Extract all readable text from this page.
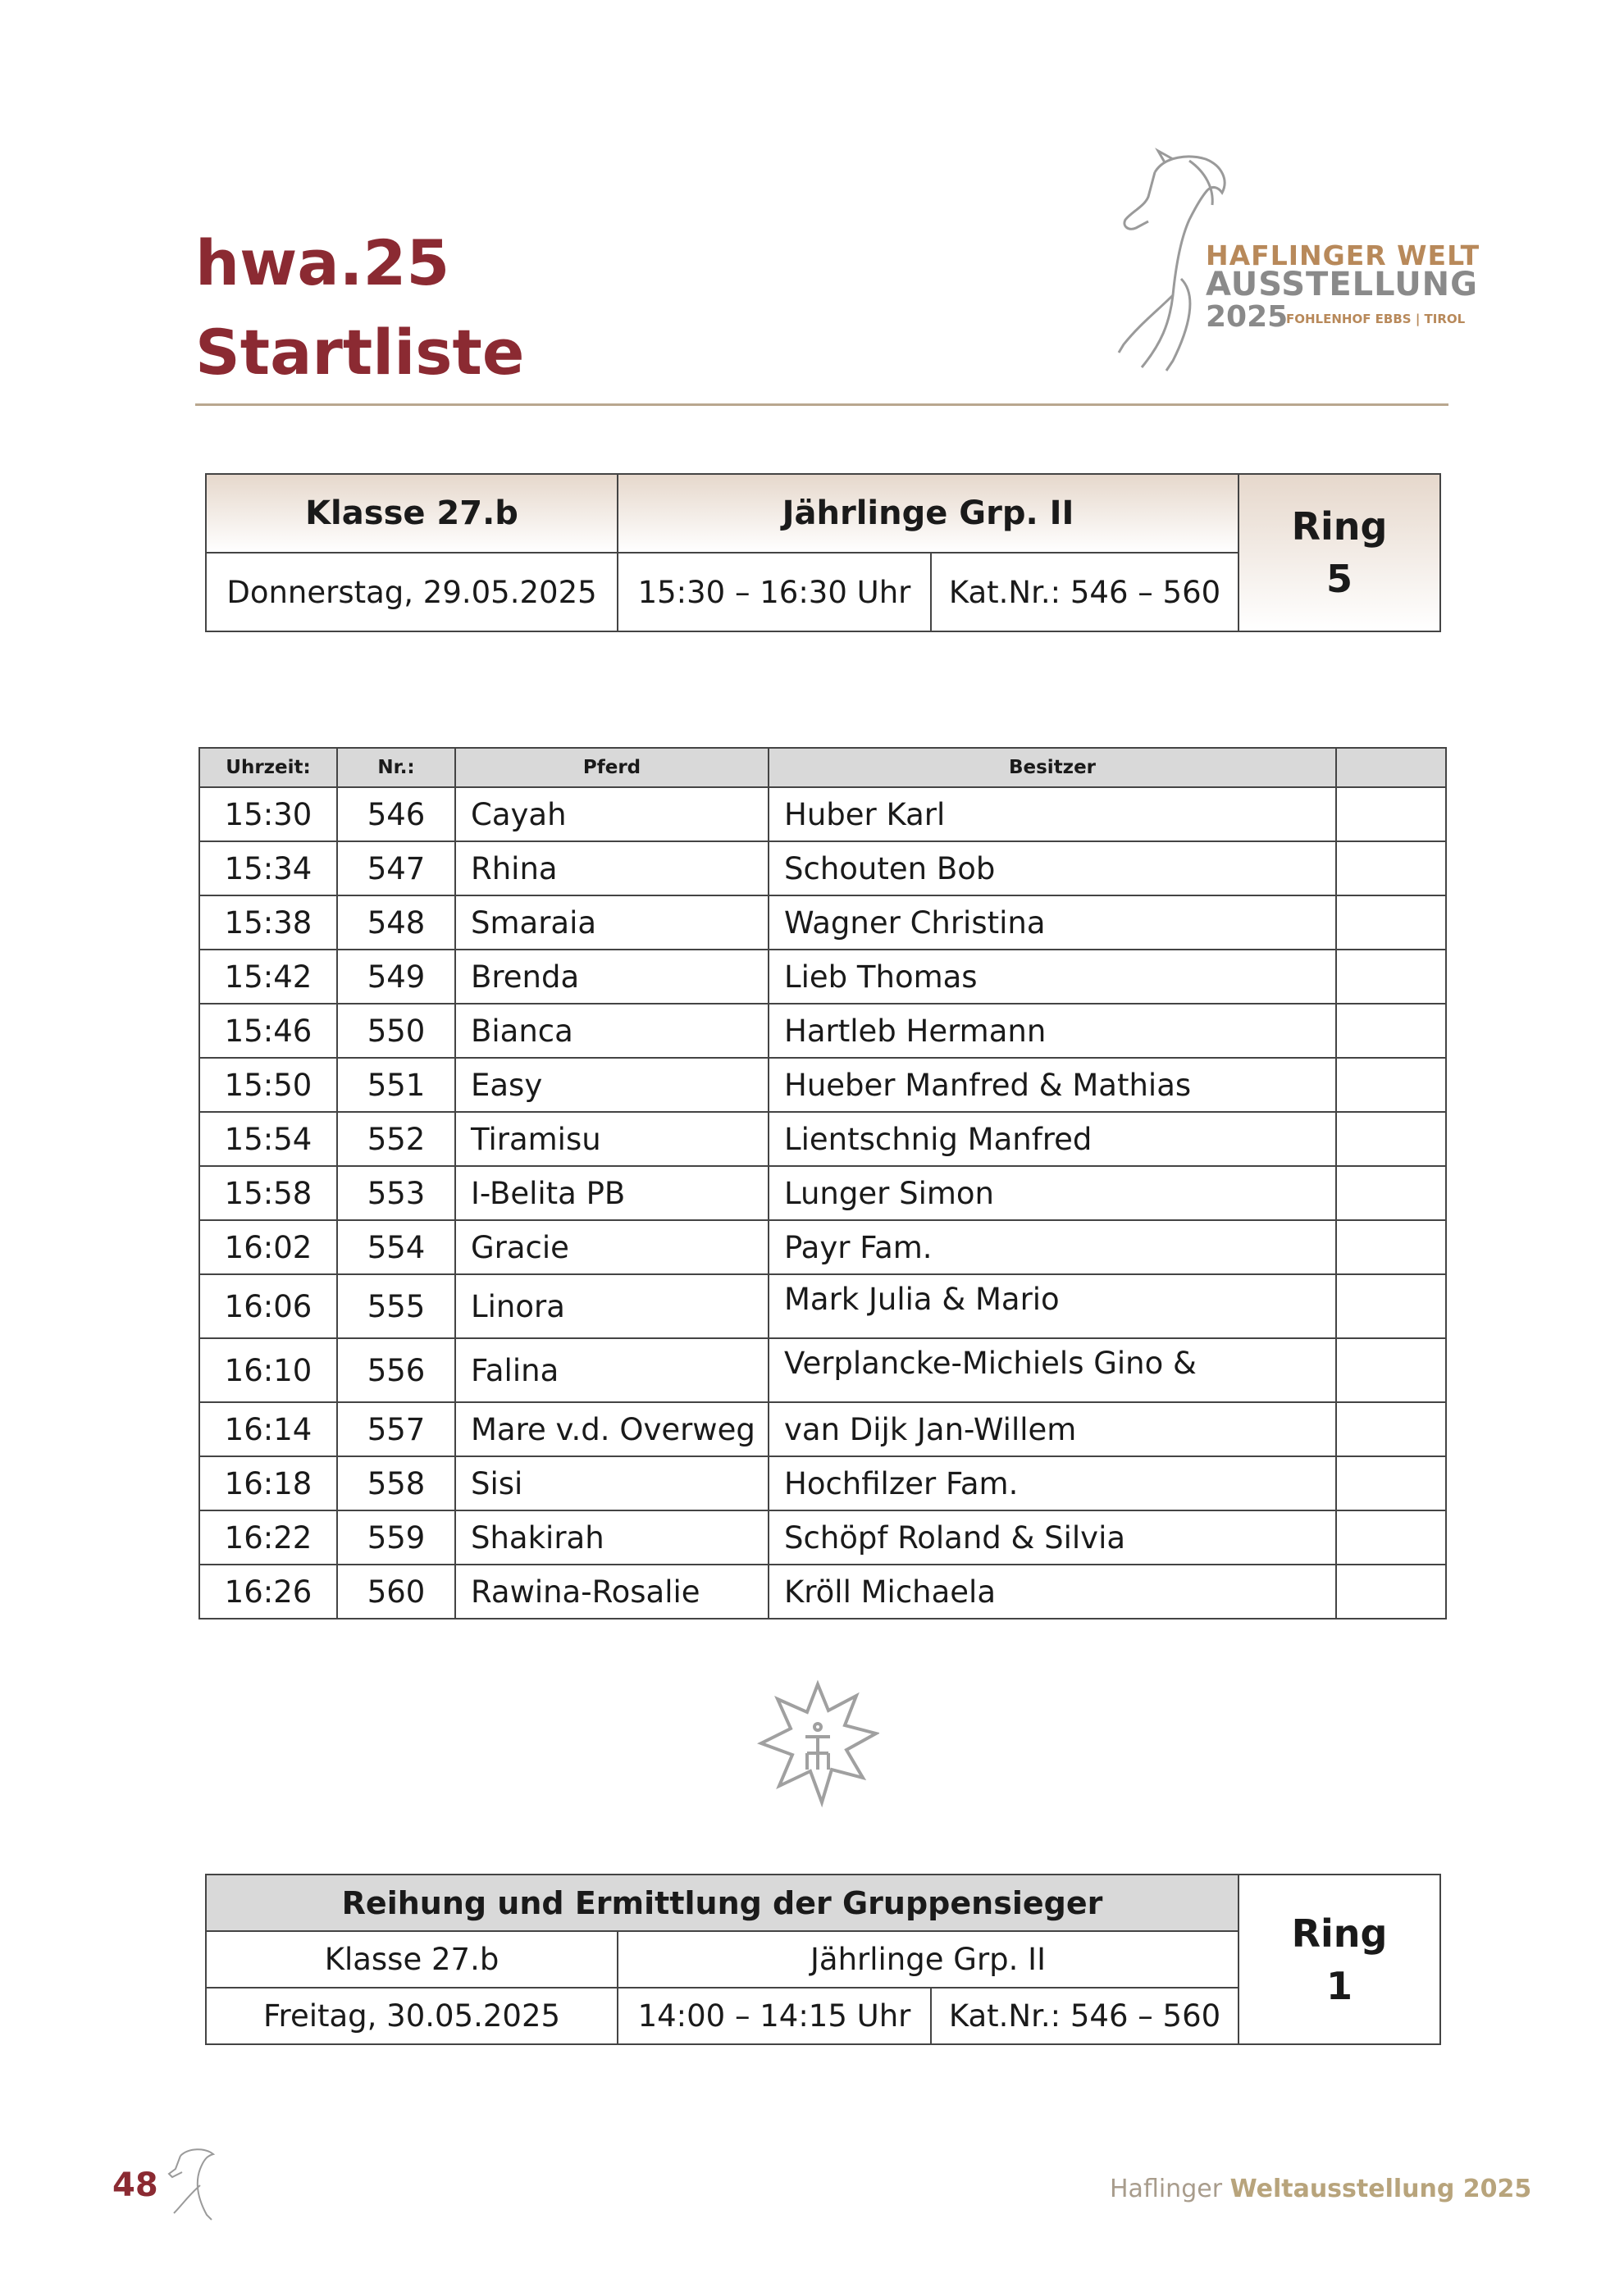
hwa.25
Startliste
HAFLINGER WELT
AUSSTELLUNG
2025
FOHLENHOF EBBS | TIROL
Klasse 27.b	Jährlinge Grp. II		Ring
5
Donnerstag, 29.05.2025	15:30 – 16:30 Uhr	Kat.Nr.: 546 – 560	
Uhrzeit:	Nr.:	Pferd	Besitzer	
15:30	546	Cayah	Huber Karl	
15:34	547	Rhina	Schouten Bob	
15:38	548	Smaraia	Wagner Christina	
15:42	549	Brenda	Lieb Thomas	
15:46	550	Bianca	Hartleb Hermann	
15:50	551	Easy	Hueber Manfred & Mathias	
15:54	552	Tiramisu	Lientschnig Manfred	
15:58	553	I-Belita PB	Lunger Simon	
16:02	554	Gracie	Payr Fam.	
16:06	555	Linora	Mark Julia & Mario	
16:10	556	Falina	Verplancke-Michiels Gino &	
16:14	557	Mare v.d. Overweg	van Dijk Jan-Willem	
16:18	558	Sisi	Hochfilzer Fam.	
16:22	559	Shakirah	Schöpf Roland & Silvia	
16:26	560	Rawina-Rosalie	Kröll Michaela	
Reihung und Ermittlung der Gruppensieger			Ring
1
Klasse 27.b	Jährlinge Grp. II		
Freitag, 30.05.2025	14:00 – 14:15 Uhr	Kat.Nr.: 546 – 560	
48	Haflinger Weltausstellung 2025
